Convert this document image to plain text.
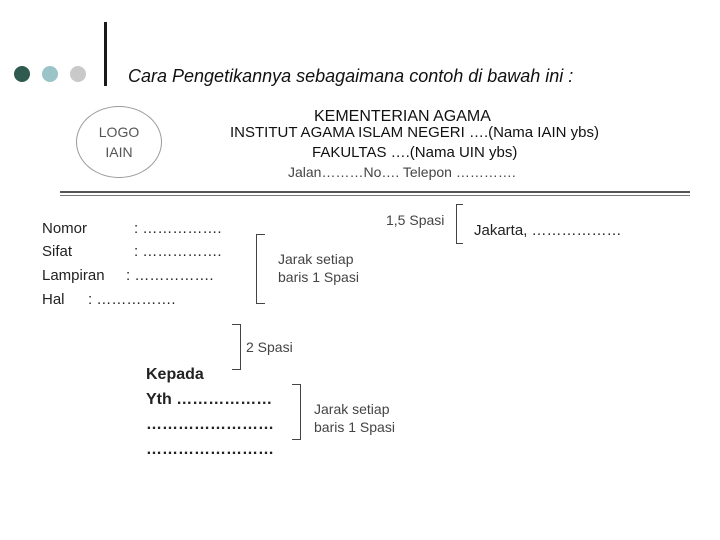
Cara Pengetikannya sebagaimana contoh di bawah ini :
LOGO
IAIN
KEMENTERIAN AGAMA
INSTITUT AGAMA ISLAM NEGERI ….(Nama IAIN ybs)
FAKULTAS ….(Nama UIN ybs)
Jalan………No…. Telepon ………….
Nomor	: …………….
Sifat	: …………….
Lampiran : …………….
Hal : …………….
1,5 Spasi
Jakarta, ………………
Jarak setiap
baris 1 Spasi
2 Spasi
Kepada
Yth ………………
……………………
……………………
Jarak setiap
baris 1 Spasi
